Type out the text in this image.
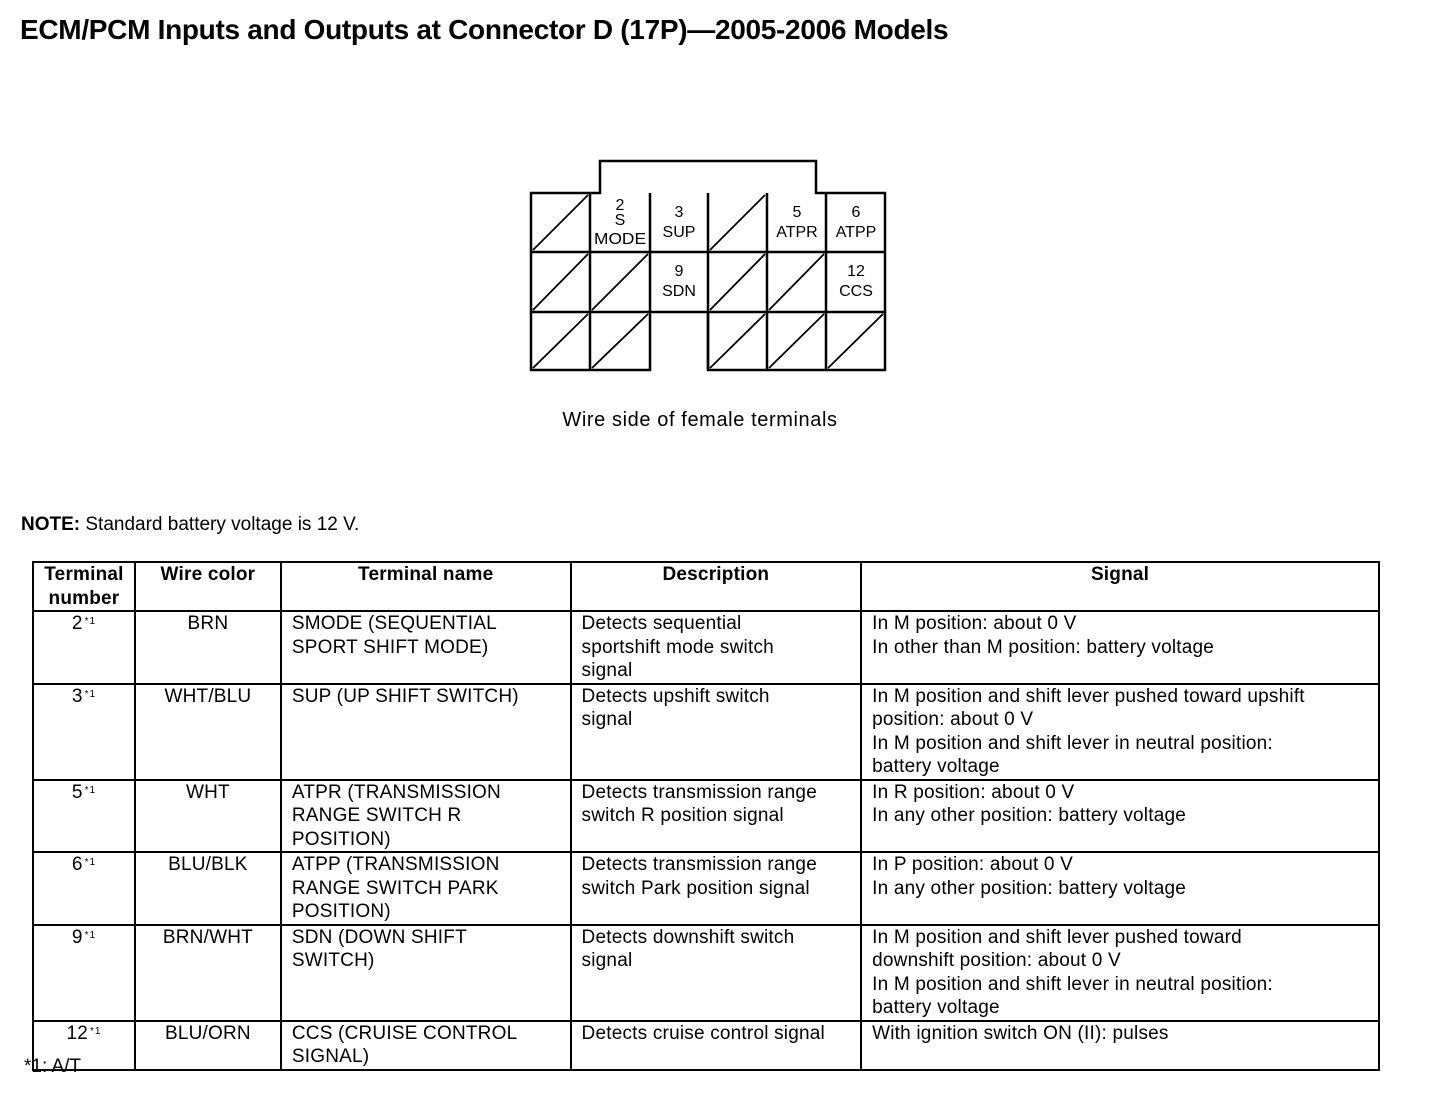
ECM/PCM Inputs and Outputs at Connector D (17P)—2005-2006 Models
2
S
MODE
3
SUP
5
ATPR
6
ATPP
9
SDN
12
CCS
Wire side of female terminals
NOTE: Standard battery voltage is 12 V.
Terminal
number	Wire color	Terminal name	Description	Signal
2 $^{*1}$	BRN	SMODE (SEQUENTIAL
SPORT SHIFT MODE)	Detects sequential
sportshift mode switch
signal	In M position: about 0 V
In other than M position: battery voltage

3 $^{*1}$	WHT/BLU	SUP (UP SHIFT SWITCH)	Detects upshift switch
signal	In M position and shift lever pushed toward upshift
position: about 0 V
In M position and shift lever in neutral position:
battery voltage

5 $^{*1}$	WHT	ATPR (TRANSMISSION
RANGE SWITCH R
POSITION)	Detects transmission range
switch R position signal	In R position: about 0 V
In any other position: battery voltage

6 $^{*1}$	BLU/BLK	ATPP (TRANSMISSION
RANGE SWITCH PARK
POSITION)	Detects transmission range
switch Park position signal	In P position: about 0 V
In any other position: battery voltage

9 $^{*1}$	BRN/WHT	SDN (DOWN SHIFT
SWITCH)	Detects downshift switch
signal	In M position and shift lever pushed toward
downshift position: about 0 V
In M position and shift lever in neutral position:
battery voltage

12 $^{*1}$	BLU/ORN	CCS (CRUISE CONTROL
SIGNAL)	Detects cruise control signal	With ignition switch ON (II): pulses
*1: A/T
